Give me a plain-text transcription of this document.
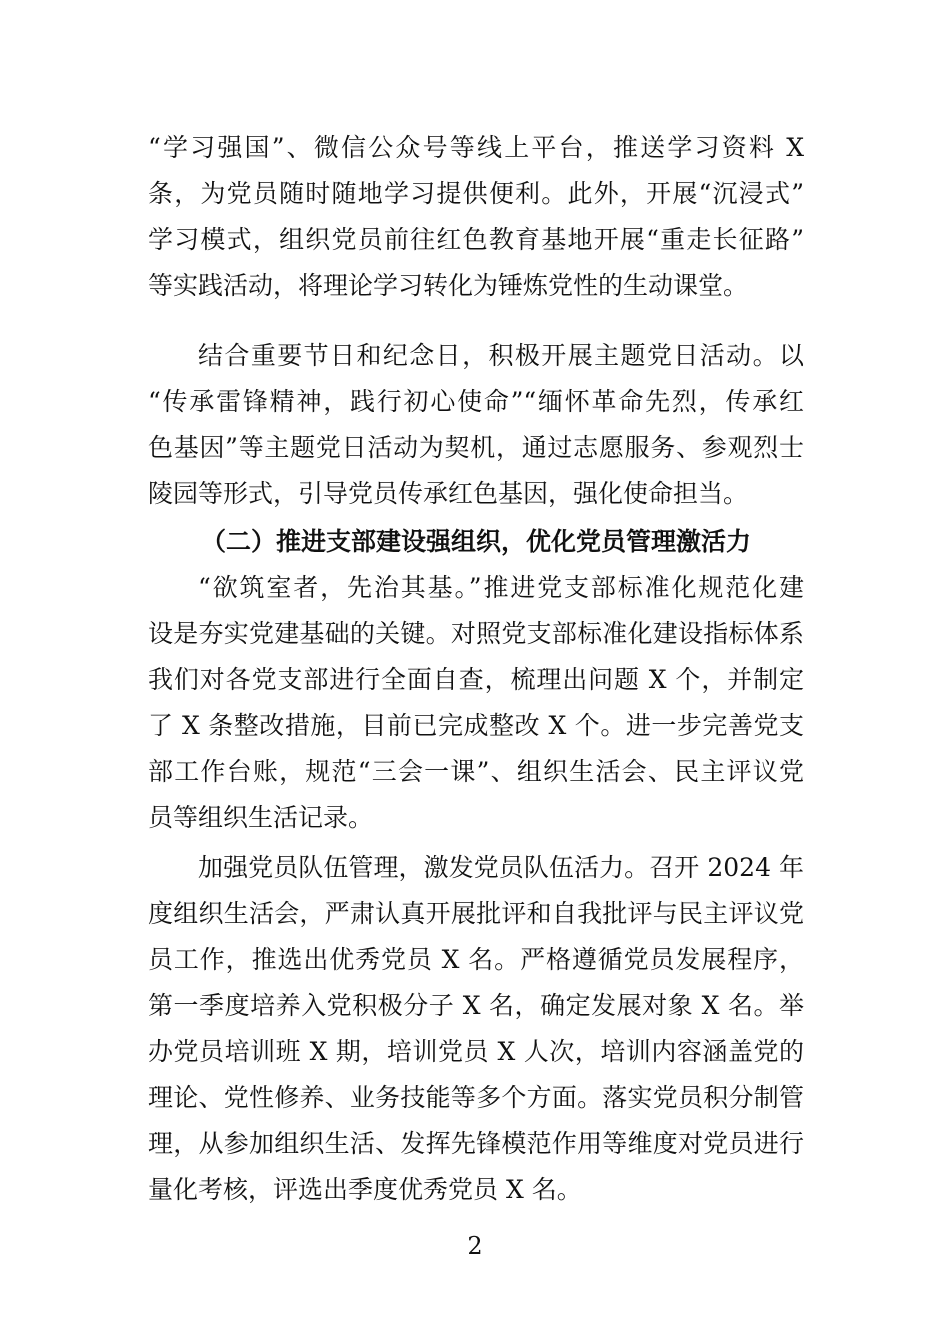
“学习强国”、微信公众号等线上平台，推送学习资料 X
条，为党员随时随地学习提供便利。此外，开展“沉浸式”
学习模式，组织党员前往红色教育基地开展“重走长征路”
等实践活动，将理论学习转化为锤炼党性的生动课堂。
结合重要节日和纪念日，积极开展主题党日活动。以
“传承雷锋精神，践行初心使命”“缅怀革命先烈，传承红
色基因”等主题党日活动为契机，通过志愿服务、参观烈士
陵园等形式，引导党员传承红色基因，强化使命担当。
（二）推进支部建设强组织，优化党员管理激活力
“欲筑室者，先治其基。”推进党支部标准化规范化建
设是夯实党建基础的关键。对照党支部标准化建设指标体系
我们对各党支部进行全面自查，梳理出问题 X 个，并制定
了 X 条整改措施，目前已完成整改 X 个。进一步完善党支
部工作台账，规范“三会一课”、组织生活会、民主评议党
员等组织生活记录。
加强党员队伍管理，激发党员队伍活力。召开 2024 年
度组织生活会，严肃认真开展批评和自我批评与民主评议党
员工作，推选出优秀党员 X 名。严格遵循党员发展程序，
第一季度培养入党积极分子 X 名，确定发展对象 X 名。举
办党员培训班 X 期，培训党员 X 人次，培训内容涵盖党的
理论、党性修养、业务技能等多个方面。落实党员积分制管
理，从参加组织生活、发挥先锋模范作用等维度对党员进行
量化考核，评选出季度优秀党员 X 名。
2
